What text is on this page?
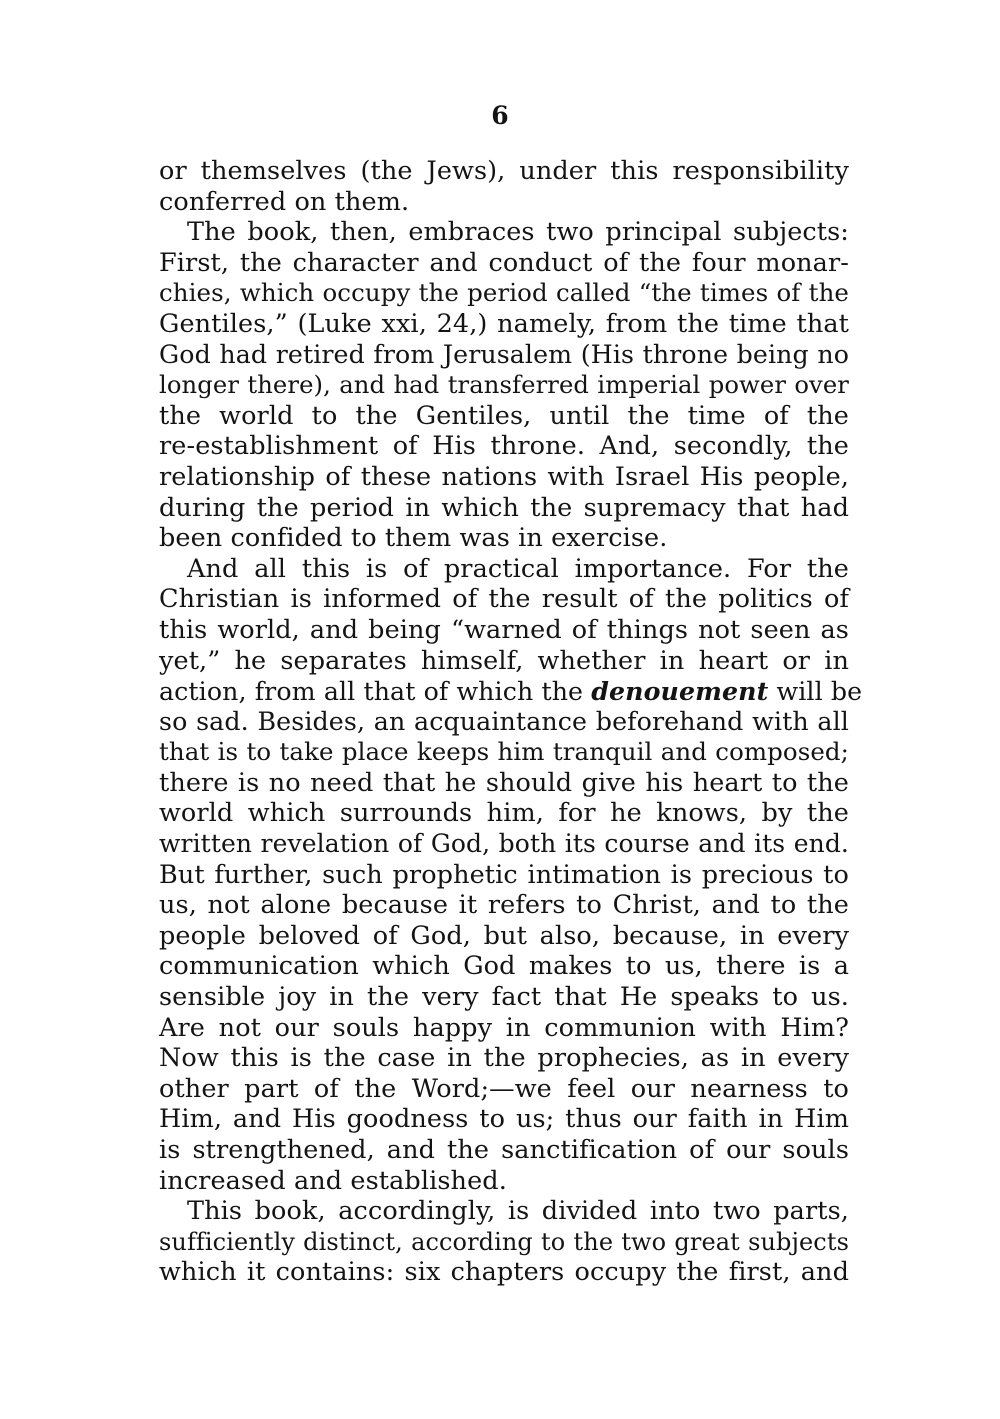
6
or themselves (the Jews), under this responsibility
conferred on them.
The book, then, embraces two principal subjects:
First, the character and conduct of the four monar-
chies, which occupy the period called “the times of the
Gentiles,” (Luke xxi, 24,) namely, from the time that
God had retired from Jerusalem (His throne being no
longer there), and had transferred imperial power over
the world to the Gentiles, until the time of the
re-establishment of His throne. And, secondly, the
relationship of these nations with Israel His people,
during the period in which the supremacy that had
been confided to them was in exercise.
And all this is of practical importance. For the
Christian is informed of the result of the politics of
this world, and being “warned of things not seen as
yet,” he separates himself, whether in heart or in
action, from all that of which the denouement will be
so sad. Besides, an acquaintance beforehand with all
that is to take place keeps him tranquil and composed;
there is no need that he should give his heart to the
world which surrounds him, for he knows, by the
written revelation of God, both its course and its end.
But further, such prophetic intimation is precious to
us, not alone because it refers to Christ, and to the
people beloved of God, but also, because, in every
communication which God makes to us, there is a
sensible joy in the very fact that He speaks to us.
Are not our souls happy in communion with Him?
Now this is the case in the prophecies, as in every
other part of the Word;—we feel our nearness to
Him, and His goodness to us; thus our faith in Him
is strengthened, and the sanctification of our souls
increased and established.
This book, accordingly, is divided into two parts,
sufficiently distinct, according to the two great subjects
which it contains: six chapters occupy the first, and
